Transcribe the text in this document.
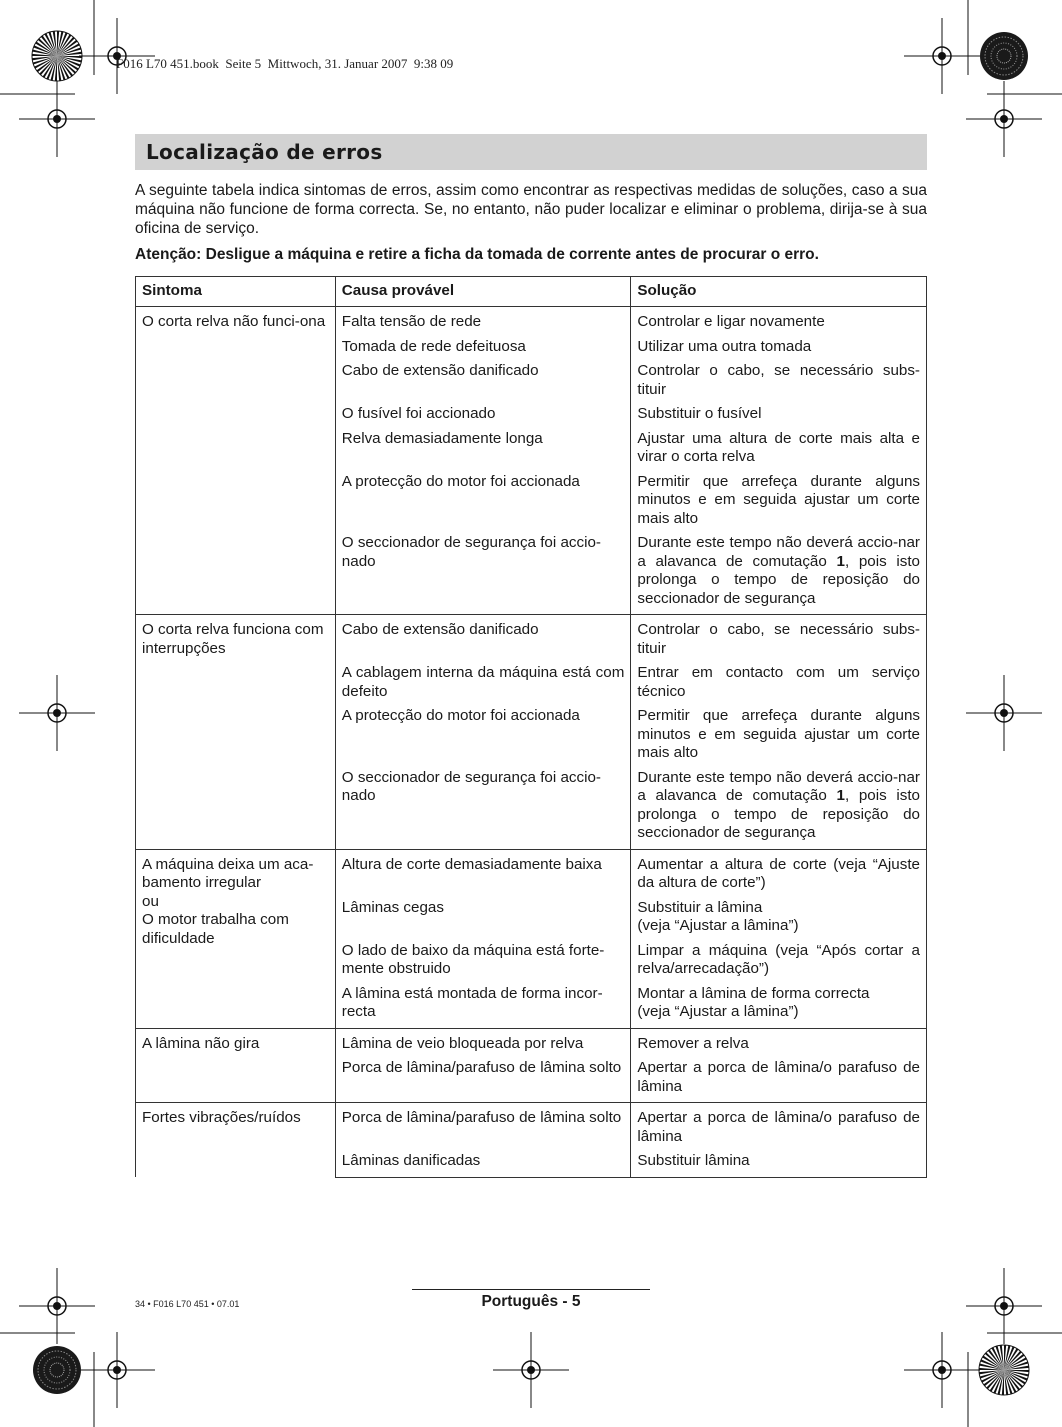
F016 L70 451.book  Seite 5  Mittwoch, 31. Januar 2007  9:38 09
Localização de erros

A seguinte tabela indica sintomas de erros, assim como encontrar as respectivas medidas de soluções, caso a sua máquina não funcione de forma correcta. Se, no entanto, não puder localizar e eliminar o problema, dirija-se à sua oficina de serviço.

Atenção: Desligue a máquina e retire a ficha da tomada de corrente antes de procurar o erro.

Sintoma	Causa provável	Solução
O corta relva não funci-ona	Falta tensão de rede	Controlar e ligar novamente
	Tomada de rede defeituosa	Utilizar uma outra tomada
	Cabo de extensão danificado	Controlar o cabo, se necessário subs-tituir
	O fusível foi accionado	Substituir o fusível
	Relva demasiadamente longa	Ajustar uma altura de corte mais alta e virar o corta relva
	A protecção do motor foi accionada	Permitir que arrefeça durante alguns minutos e em seguida ajustar um corte mais alto
	O seccionador de segurança foi accio-nado	Durante este tempo não deverá accio-nar a alavanca de comutação 1, pois isto prolonga o tempo de reposição do seccionador de segurança
O corta relva funciona com interrupções	Cabo de extensão danificado	Controlar o cabo, se necessário subs-tituir
	A cablagem interna da máquina está com defeito	Entrar em contacto com um serviço técnico
	A protecção do motor foi accionada	Permitir que arrefeça durante alguns minutos e em seguida ajustar um corte mais alto
	O seccionador de segurança foi accio-nado	Durante este tempo não deverá accio-nar a alavanca de comutação 1, pois isto prolonga o tempo de reposição do seccionador de segurança

A máquina deixa um aca-bamento irregular
ou
O motor trabalha com dificuldade	Altura de corte demasiadamente baixa	Aumentar a altura de corte (veja “Ajuste da altura de corte”)
	Lâminas cegas	Substituir a lâmina
(veja “Ajustar a lâmina”)

	O lado de baixo da máquina está forte-mente obstruido	Limpar a máquina (veja “Após cortar a relva/arrecadação”)
	A lâmina está montada de forma incor-recta	Montar a lâmina de forma correcta
(veja “Ajustar a lâmina”)

A lâmina não gira	Lâmina de veio bloqueada por relva	Remover a relva
	Porca de lâmina/parafuso de lâmina solto	Apertar a porca de lâmina/o parafuso de lâmina
Fortes vibrações/ruídos	Porca de lâmina/parafuso de lâmina solto	Apertar a porca de lâmina/o parafuso de lâmina
	Lâminas danificadas	Substituir lâmina
34 • F016 L70 451 • 07.01	Português - 5
